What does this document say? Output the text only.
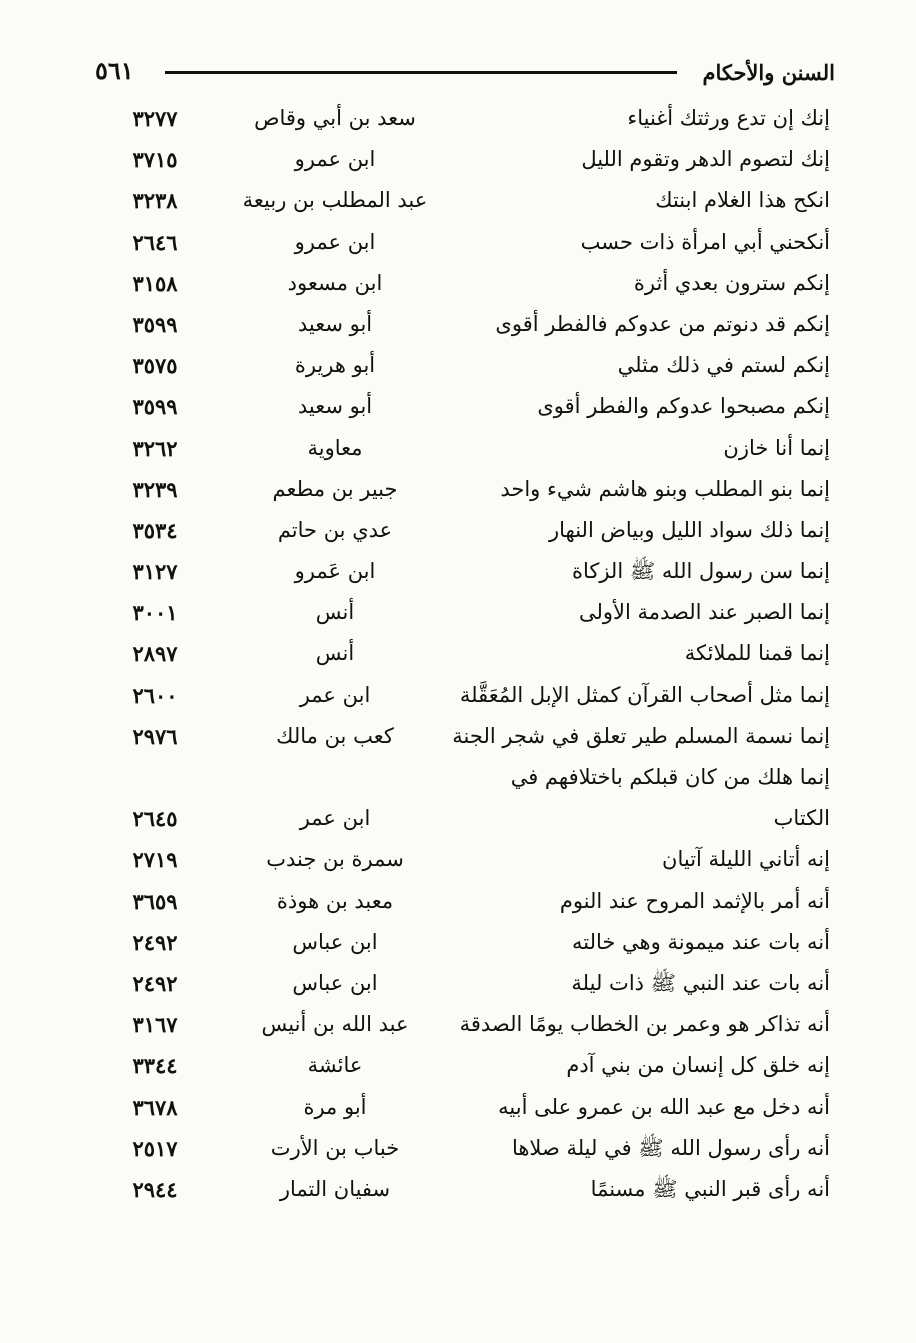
السنن والأحكام
٥٦١
إنك إن تدع ورثتك أغنياء
سعد بن أبي وقاص
٣٢٧٧
إنك لتصوم الدهر وتقوم الليل
ابن عمرو
٣٧١٥
انكح هذا الغلام ابنتك
عبد المطلب بن ربيعة
٣٢٣٨
أنكحني أبي امرأة ذات حسب
ابن عمرو
٢٦٤٦
إنكم سترون بعدي أثرة
ابن مسعود
٣١٥٨
إنكم قد دنوتم من عدوكم فالفطر أقوى
أبو سعيد
٣٥٩٩
إنكم لستم في ذلك مثلي
أبو هريرة
٣٥٧٥
إنكم مصبحوا عدوكم والفطر أقوى
أبو سعيد
٣٥٩٩
إنما أنا خازن
معاوية
٣٢٦٢
إنما بنو المطلب وبنو هاشم شيء واحد
جبير بن مطعم
٣٢٣٩
إنما ذلك سواد الليل وبياض النهار
عدي بن حاتم
٣٥٣٤
إنما سن رسول الله ﷺ الزكاة
ابن عَمرو
٣١٢٧
إنما الصبر عند الصدمة الأولى
أنس
٣٠٠١
إنما قمنا للملائكة
أنس
٢٨٩٧
إنما مثل أصحاب القرآن كمثل الإبل المُعَقَّلة
ابن عمر
٢٦٠٠
إنما نسمة المسلم طير تعلق في شجر الجنة
كعب بن مالك
٢٩٧٦
إنما هلك من كان قبلكم باختلافهم في
الكتاب
ابن عمر
٢٦٤٥
إنه أتاني الليلة آتيان
سمرة بن جندب
٢٧١٩
أنه أمر بالإثمد المروح عند النوم
معبد بن هوذة
٣٦٥٩
أنه بات عند ميمونة وهي خالته
ابن عباس
٢٤٩٢
أنه بات عند النبي ﷺ ذات ليلة
ابن عباس
٢٤٩٢
أنه تذاكر هو وعمر بن الخطاب يومًا الصدقة
عبد الله بن أنيس
٣١٦٧
إنه خلق كل إنسان من بني آدم
عائشة
٣٣٤٤
أنه دخل مع عبد الله بن عمرو على أبيه
أبو مرة
٣٦٧٨
أنه رأى رسول الله ﷺ في ليلة صلاها
خباب بن الأرت
٢٥١٧
أنه رأى قبر النبي ﷺ مسنمًا
سفيان التمار
٢٩٤٤
